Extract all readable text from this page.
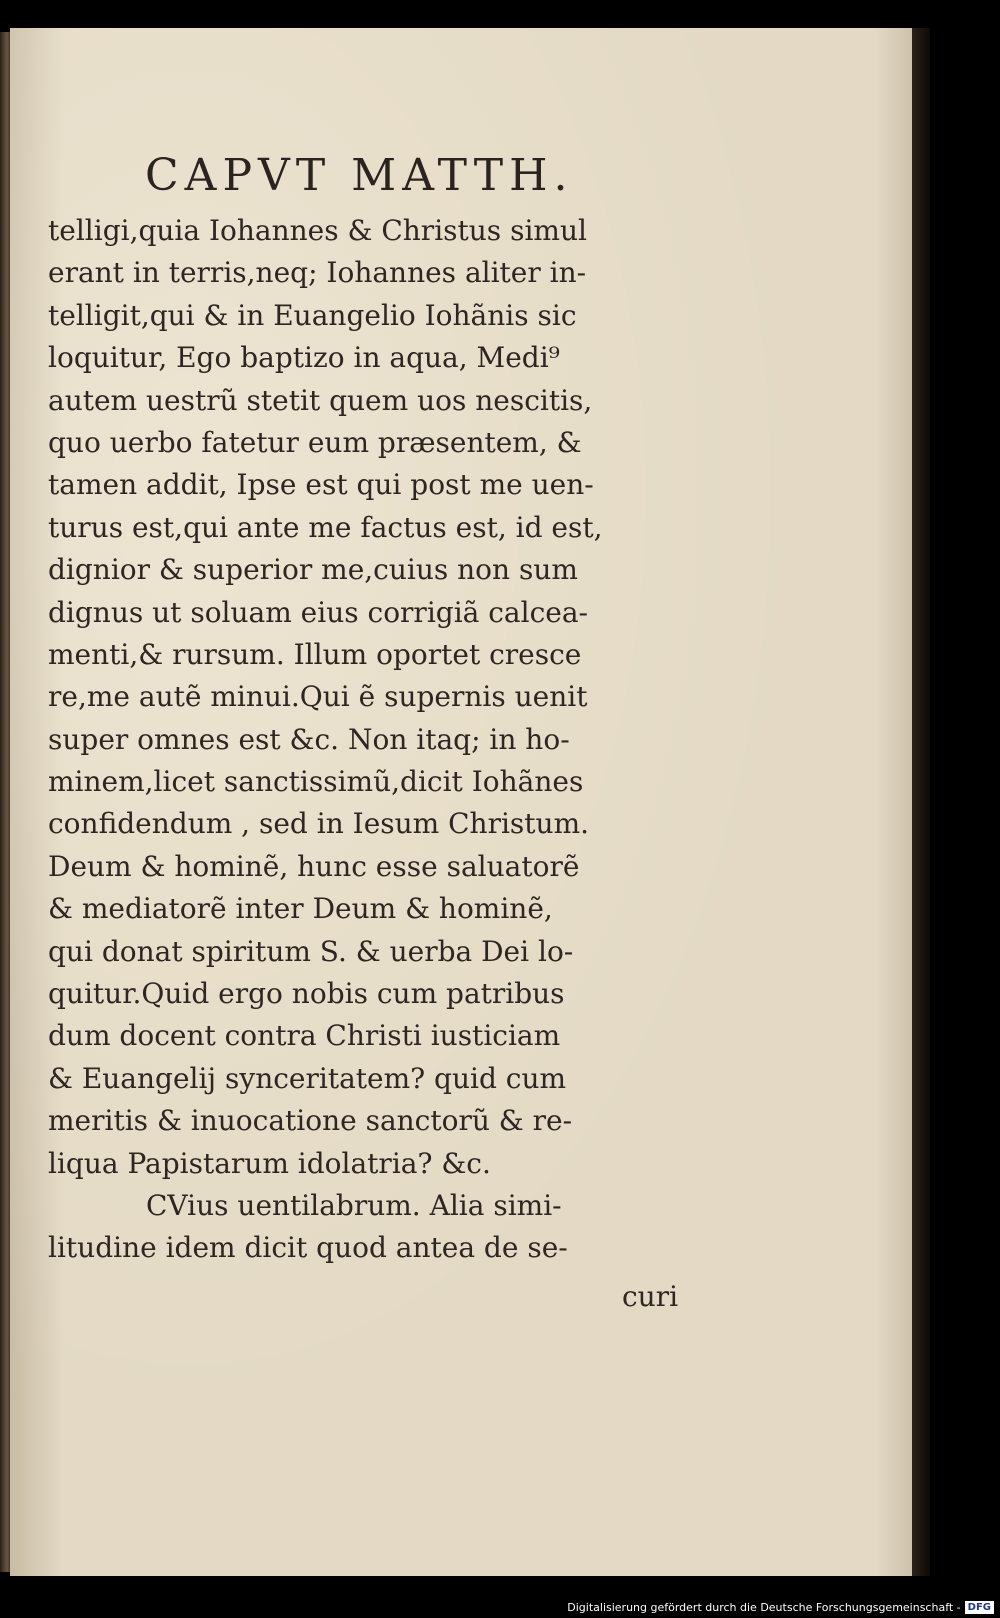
CAPVT MATTH.
telligi,quia Iohannes & Christus simul
erant in terris,neq; Iohannes aliter in-
telligit,qui & in Euangelio Iohãnis sic
loquitur, Ego baptizo in aqua, Medi⁹
autem uestrũ stetit quem uos nescitis,
quo uerbo fatetur eum præsentem, &
tamen addit, Ipse est qui post me uen-
turus est,qui ante me factus est, id est,
dignior & superior me,cuius non sum
dignus ut soluam eius corrigiã calcea-
menti,& rursum. Illum oportet cresce
re,me autẽ minui.Qui ẽ supernis uenit
super omnes est &c. Non itaq; in ho-
minem,licet sanctissimũ,dicit Iohãnes
confidendum , sed in Iesum Christum.
Deum & hominẽ, hunc esse saluatorẽ
& mediatorẽ inter Deum & hominẽ,
qui donat spiritum S. & uerba Dei lo-
quitur.Quid ergo nobis cum patribus
dum docent contra Christi iusticiam
& Euangelij synceritatem? quid cum
meritis & inuocatione sanctorũ & re-
liqua Papistarum idolatria? &c.
CVius uentilabrum. Alia simi-
litudine idem dicit quod antea de se-
curi
Digitalisierung gefördert durch die Deutsche Forschungsgemeinschaft - DFG
